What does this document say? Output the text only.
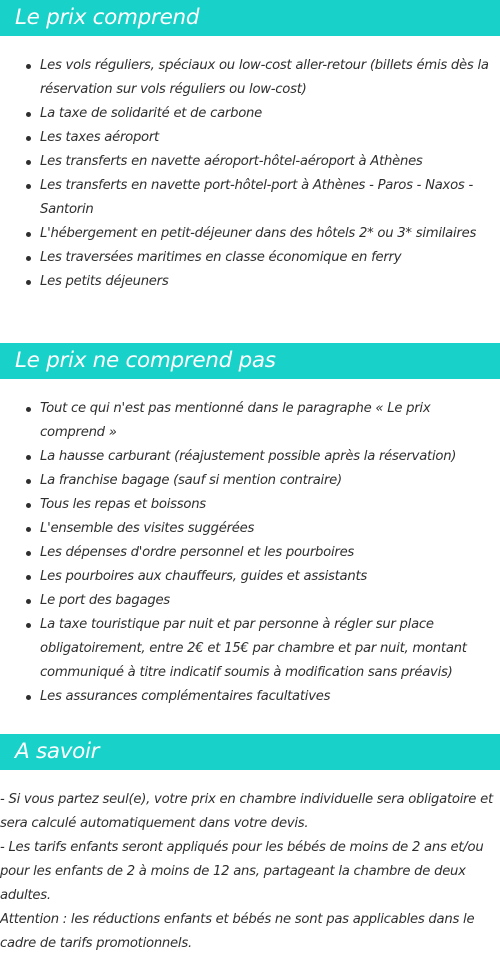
Le prix comprend
Les vols réguliers, spéciaux ou low-cost aller-retour (billets émis dès la réservation sur vols réguliers ou low-cost)
La taxe de solidarité et de carbone
Les taxes aéroport
Les transferts en navette aéroport-hôtel-aéroport à Athènes
Les transferts en navette port-hôtel-port à Athènes - Paros - Naxos - Santorin
L'hébergement en petit-déjeuner dans des hôtels 2* ou 3* similaires
Les traversées maritimes en classe économique en ferry
Les petits déjeuners
Le prix ne comprend pas
Tout ce qui n'est pas mentionné dans le paragraphe « Le prix comprend »
La hausse carburant (réajustement possible après la réservation)
La franchise bagage (sauf si mention contraire)
Tous les repas et boissons
L'ensemble des visites suggérées
Les dépenses d'ordre personnel et les pourboires
Les pourboires aux chauffeurs, guides et assistants
Le port des bagages
La taxe touristique par nuit et par personne à régler sur place obligatoirement, entre 2€ et 15€ par chambre et par nuit, montant communiqué à titre indicatif soumis à modification sans préavis)
Les assurances complémentaires facultatives
A savoir

- Si vous partez seul(e), votre prix en chambre individuelle sera obligatoire et sera calculé automatiquement dans votre devis.

- Les tarifs enfants seront appliqués pour les bébés de moins de 2 ans et/ou pour les enfants de 2 à moins de 12 ans, partageant la chambre de deux adultes.

Attention : les réductions enfants et bébés ne sont pas applicables dans le cadre de tarifs promotionnels.
